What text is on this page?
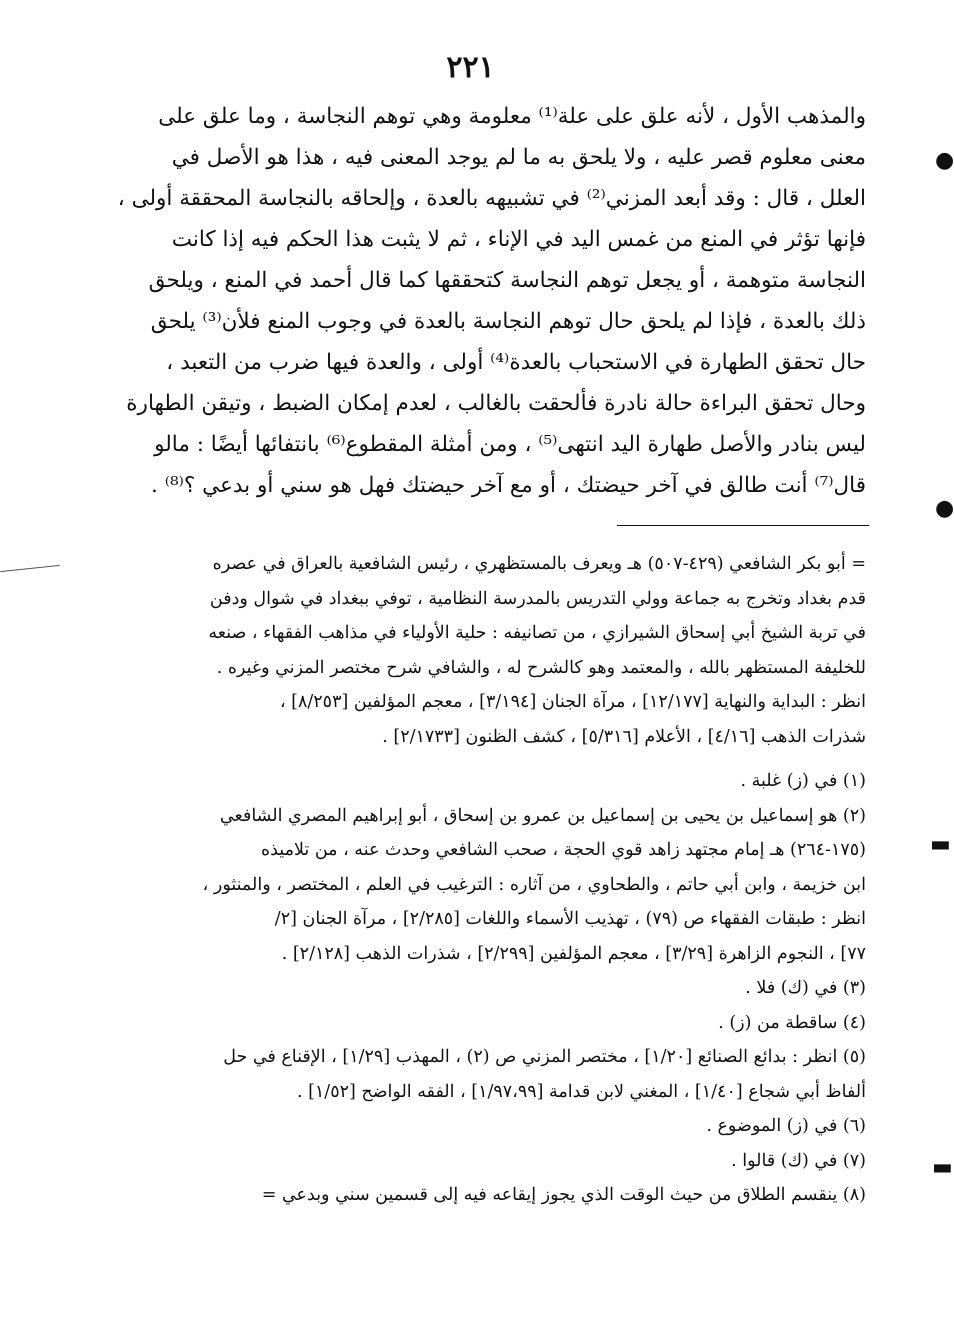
٢٢١
والمذهب الأول ، لأنه علق على علة⁽¹⁾ معلومة وهي توهم النجاسة ، وما علق على
معنى معلوم قصر عليه ، ولا يلحق به ما لم يوجد المعنى فيه ، هذا هو الأصل في
العلل ، قال : وقد أبعد المزني⁽²⁾ في تشبيهه بالعدة ، وإلحاقه بالنجاسة المحققة أولى ،
فإنها تؤثر في المنع من غمس اليد في الإناء ، ثم لا يثبت هذا الحكم فيه إذا كانت
النجاسة متوهمة ، أو يجعل توهم النجاسة كتحققها كما قال أحمد في المنع ، ويلحق
ذلك بالعدة ، فإذا لم يلحق حال توهم النجاسة بالعدة في وجوب المنع فلأن⁽³⁾ يلحق
حال تحقق الطهارة في الاستحباب بالعدة⁽⁴⁾ أولى ، والعدة فيها ضرب من التعبد ،
وحال تحقق البراءة حالة نادرة فألحقت بالغالب ، لعدم إمكان الضبط ، وتيقن الطهارة
ليس بنادر والأصل طهارة اليد انتهى⁽⁵⁾ ، ومن أمثلة المقطوع⁽⁶⁾ بانتفائها أيضًا : مالو
قال⁽⁷⁾ أنت طالق في آخر حيضتك ، أو مع آخر حيضتك فهل هو سني أو بدعي ؟⁽⁸⁾ .
= أبو بكر الشافعي (٤٢٩-٥٠٧) هـ ويعرف بالمستظهري ، رئيس الشافعية بالعراق في عصره
قدم بغداد وتخرج به جماعة وولي التدريس بالمدرسة النظامية ، توفي ببغداد في شوال ودفن
في تربة الشيخ أبي إسحاق الشيرازي ، من تصانيفه : حلية الأولياء في مذاهب الفقهاء ، صنعه
للخليفة المستظهر بالله ، والمعتمد وهو كالشرح له ، والشافي شرح مختصر المزني وغيره .
انظر : البداية والنهاية [١٢/١٧٧] ، مرآة الجنان [٣/١٩٤] ، معجم المؤلفين [٨/٢٥٣] ،
شذرات الذهب [٤/١٦] ، الأعلام [٥/٣١٦] ، كشف الظنون [٢/١٧٣٣] .
(١) في (ز) غلبة .
(٢) هو إسماعيل بن يحيى بن إسماعيل بن عمرو بن إسحاق ، أبو إبراهيم المصري الشافعي
(١٧٥-٢٦٤) هـ إمام مجتهد زاهد قوي الحجة ، صحب الشافعي وحدث عنه ، من تلاميذه
ابن خزيمة ، وابن أبي حاتم ، والطحاوي ، من آثاره : الترغيب في العلم ، المختصر ، والمنثور ،
انظر : طبقات الفقهاء ص (٧٩) ، تهذيب الأسماء واللغات [٢/٢٨٥] ، مرآة الجنان [٢/
٧٧] ، النجوم الزاهرة [٣/٢٩] ، معجم المؤلفين [٢/٢٩٩] ، شذرات الذهب [٢/١٢٨] .
(٣) في (ك) فلا .
(٤) ساقطة من (ز) .
(٥) انظر : بدائع الصنائع [١/٢٠] ، مختصر المزني ص (٢) ، المهذب [١/٢٩] ، الإقناع في حل
ألفاظ أبي شجاع [١/٤٠] ، المغني لابن قدامة [١/٩٧،٩٩] ، الفقه الواضح [١/٥٢] .
(٦) في (ز) الموضوع .
(٧) في (ك) قالوا .
(٨) ينقسم الطلاق من حيث الوقت الذي يجوز إيقاعه فيه إلى قسمين سني وبدعي =
●
●
▬
▬
